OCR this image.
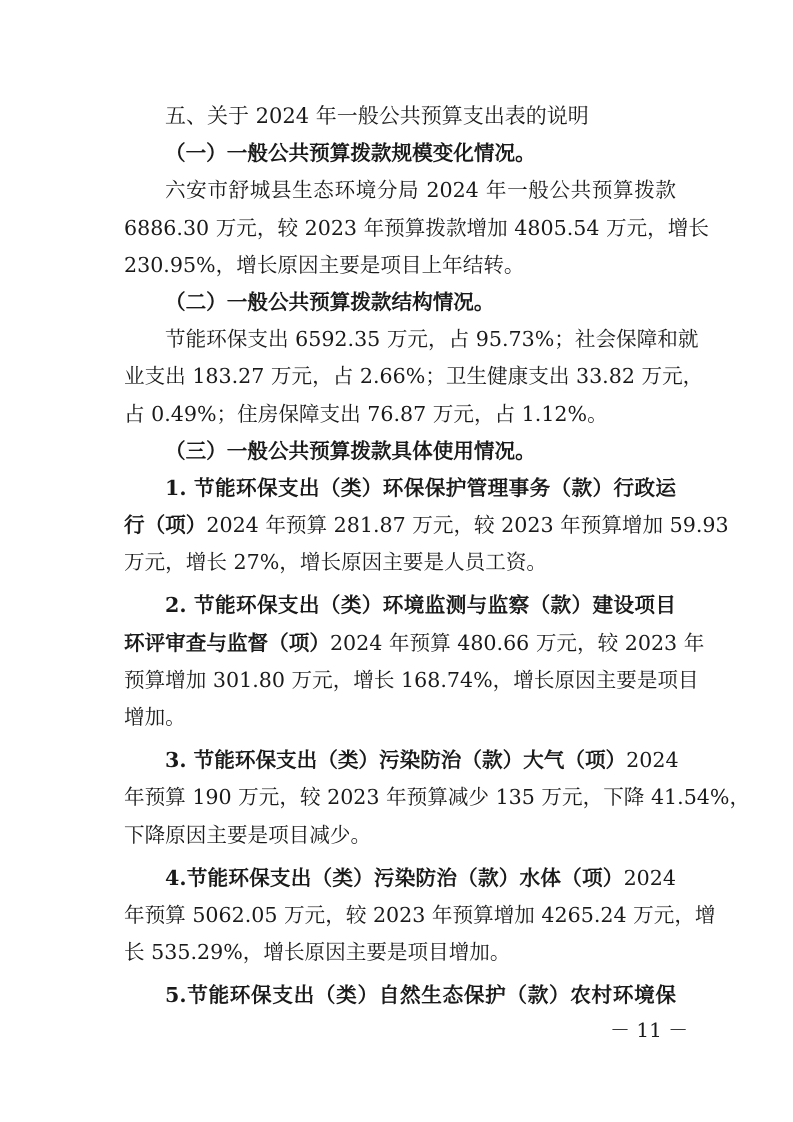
五、关于 2024 年一般公共预算支出表的说明
（一）一般公共预算拨款规模变化情况。
六安市舒城县生态环境分局 2024 年一般公共预算拨款
6886.30 万元，较 2023 年预算拨款增加 4805.54 万元，增长
230.95%，增长原因主要是项目上年结转。
（二）一般公共预算拨款结构情况。
节能环保支出 6592.35 万元，占 95.73%；社会保障和就
业支出 183.27 万元，占 2.66%；卫生健康支出 33.82 万元，
占 0.49%；住房保障支出 76.87 万元，占 1.12%。
（三）一般公共预算拨款具体使用情况。
1. 节能环保支出（类）环保保护管理事务（款）行政运
行（项）2024 年预算 281.87 万元，较 2023 年预算增加 59.93
万元，增长 27%，增长原因主要是人员工资。
2. 节能环保支出（类）环境监测与监察（款）建设项目
环评审查与监督（项）2024 年预算 480.66 万元，较 2023 年
预算增加 301.80 万元，增长 168.74%，增长原因主要是项目
增加。
3. 节能环保支出（类）污染防治（款）大气（项）2024
年预算 190 万元，较 2023 年预算减少 135 万元，下降 41.54%，
下降原因主要是项目减少。
4.节能环保支出（类）污染防治（款）水体（项）2024
年预算 5062.05 万元，较 2023 年预算增加 4265.24 万元，增
长 535.29%，增长原因主要是项目增加。
5.节能环保支出（类）自然生态保护（款）农村环境保
－ 11 －
